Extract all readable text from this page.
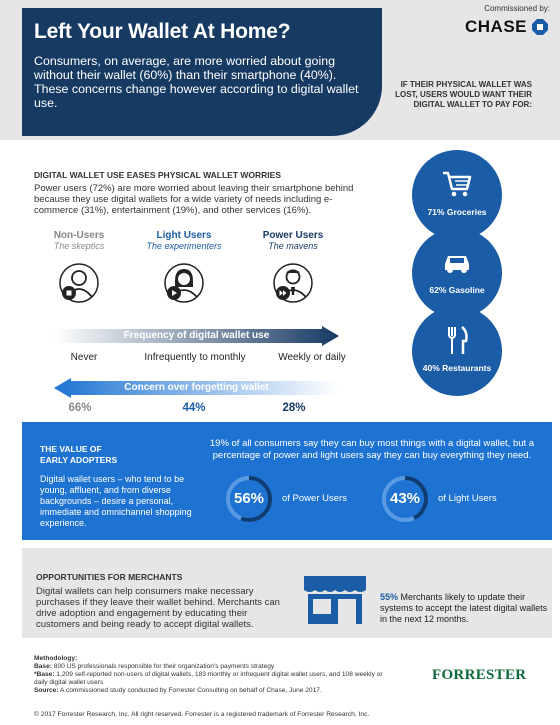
Left Your Wallet At Home?
Consumers, on average, are more worried about going without their wallet (60%) than their smartphone (40%). These concerns change however according to digital wallet use.
Commissioned by:
CHASE
IF THEIR PHYSICAL WALLET WAS LOST, USERS WOULD WANT THEIR DIGITAL WALLET TO PAY FOR:
71% Groceries
62% Gasoline
40% Restaurants
DIGITAL WALLET USE EASES PHYSICAL WALLET WORRIES
Power users (72%) are more worried about leaving their smartphone behind because they use digital wallets for a wide variety of needs including e-commerce (31%), entertainment (19%), and other services (16%).
Non-Users
The skeptics
Light Users
The experimenters
Power Users
The mavens
Frequency of digital wallet use
Never	Infrequently to monthly	Weekly or daily
Concern over forgetting wallet
66%	44%	28%
THE VALUE OF
EARLY ADOPTERS
Digital wallet users – who tend to be young, affluent, and from diverse backgrounds – desire a personal, immediate and omnichannel shopping experience.
19% of all consumers say they can buy most things with a digital wallet, but a percentage of power and light users say they can buy everything they need.
56%	of Power Users	43%	of Light Users
OPPORTUNITIES FOR MERCHANTS
Digital wallets can help consumers make necessary purchases if they leave their wallet behind. Merchants can drive adoption and engagement by educating their customers and being ready to accept digital wallets.
55% Merchants likely to update their systems to accept the latest digital wallets in the next 12 months.
Methodology:
Base: 800 US professionals responsible for their organization's payments strategy
*Base: 1,209 self-reported non-users of digital wallets, 183 monthly or infrequent digital wallet users, and 108 weekly or daily digital wallet users
Source: A commissioned study conducted by Forrester Consulting on behalf of Chase, June 2017.
FORRESTER
© 2017 Forrester Research, Inc. All right reserved. Forrester is a registered trademark of Forrester Research, Inc.
